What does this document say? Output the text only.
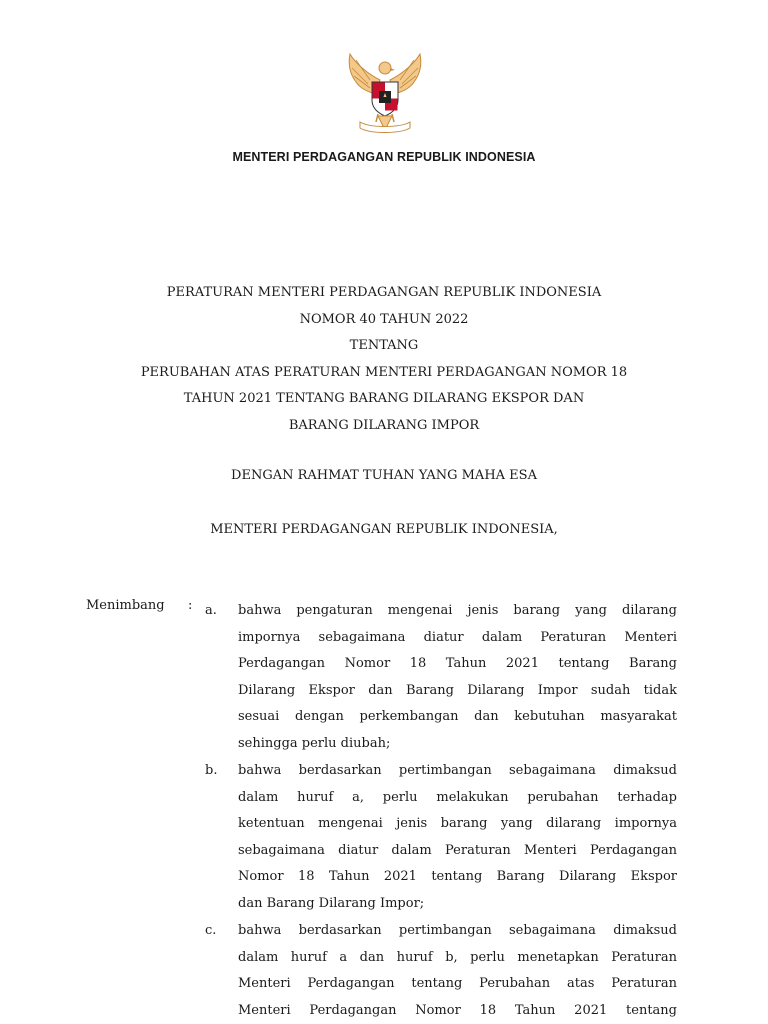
MENTERI PERDAGANGAN REPUBLIK INDONESIA
PERATURAN MENTERI PERDAGANGAN REPUBLIK INDONESIA
NOMOR 40 TAHUN 2022
TENTANG
PERUBAHAN ATAS PERATURAN MENTERI PERDAGANGAN NOMOR 18
TAHUN 2021 TENTANG BARANG DILARANG EKSPOR DAN
BARANG DILARANG IMPOR
DENGAN RAHMAT TUHAN YANG MAHA ESA
MENTERI PERDAGANGAN REPUBLIK INDONESIA,
Menimbang : a. bahwa pengaturan mengenai jenis barang yang dilarang
impornya sebagaimana diatur dalam Peraturan Menteri
Perdagangan Nomor 18 Tahun 2021 tentang Barang
Dilarang Ekspor dan Barang Dilarang Impor sudah tidak
sesuai dengan perkembangan dan kebutuhan masyarakat
sehingga perlu diubah;
b. bahwa berdasarkan pertimbangan sebagaimana dimaksud
dalam huruf a, perlu melakukan perubahan terhadap
ketentuan mengenai jenis barang yang dilarang impornya
sebagaimana diatur dalam Peraturan Menteri Perdagangan
Nomor 18 Tahun 2021 tentang Barang Dilarang Ekspor
dan Barang Dilarang Impor;
c. bahwa berdasarkan pertimbangan sebagaimana dimaksud
dalam huruf a dan huruf b, perlu menetapkan Peraturan
Menteri Perdagangan tentang Perubahan atas Peraturan
Menteri Perdagangan Nomor 18 Tahun 2021 tentang
